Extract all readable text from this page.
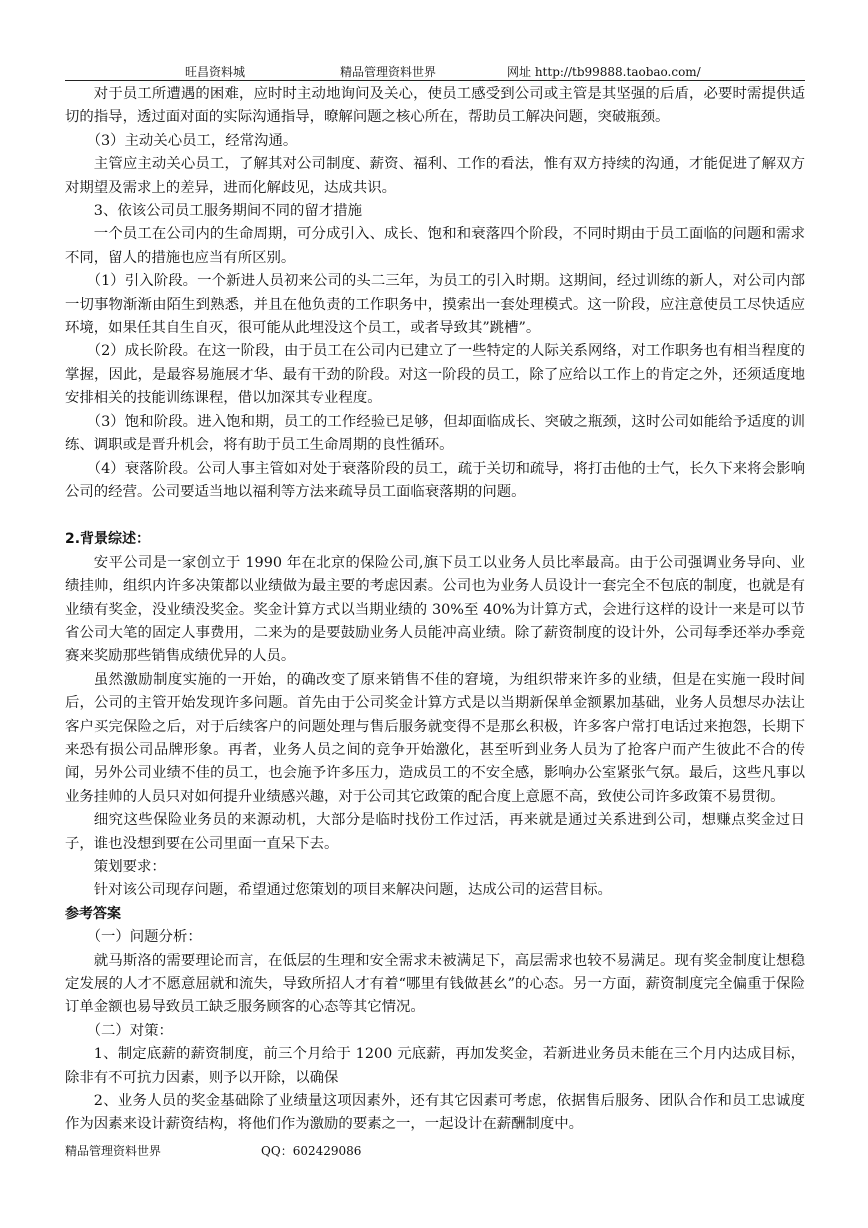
旺昌资料城	精品管理资料世界	网址 http://tb99888.taobao.com/

对于员工所遭遇的困难，应时时主动地询问及关心，使员工感受到公司或主管是其坚强的后盾，必要时需提供适切的指导，透过面对面的实际沟通指导，暸解问题之核心所在，帮助员工解决问题，突破瓶颈。

（3）主动关心员工，经常沟通。

主管应主动关心员工，了解其对公司制度、薪资、福利、工作的看法，惟有双方持续的沟通，才能促进了解双方对期望及需求上的差异，进而化解歧见，达成共识。

3、依该公司员工服务期间不同的留才措施

一个员工在公司内的生命周期，可分成引入、成长、饱和和衰落四个阶段，不同时期由于员工面临的问题和需求不同，留人的措施也应当有所区别。

（1）引入阶段。一个新进人员初来公司的头二三年，为员工的引入时期。这期间，经过训练的新人，对公司内部一切事物渐渐由陌生到熟悉，并且在他负责的工作职务中，摸索出一套处理模式。这一阶段，应注意使员工尽快适应环境，如果任其自生自灭，很可能从此埋没这个员工，或者导致其”跳槽”。

（2）成长阶段。在这一阶段，由于员工在公司内已建立了一些特定的人际关系网络，对工作职务也有相当程度的掌握，因此，是最容易施展才华、最有干劲的阶段。对这一阶段的员工，除了应给以工作上的肯定之外，还须适度地安排相关的技能训练课程，借以加深其专业程度。

（3）饱和阶段。进入饱和期，员工的工作经验已足够，但却面临成长、突破之瓶颈，这时公司如能给予适度的训练、调职或是晋升机会，将有助于员工生命周期的良性循环。

（4）衰落阶段。公司人事主管如对处于衰落阶段的员工，疏于关切和疏导，将打击他的士气，长久下来将会影响公司的经营。公司要适当地以福利等方法来疏导员工面临衰落期的问题。

2.背景综述：

安平公司是一家创立于 1990 年在北京的保险公司,旗下员工以业务人员比率最高。由于公司强调业务导向、业绩挂帅，组织内许多决策都以业绩做为最主要的考虑因素。公司也为业务人员设计一套完全不包底的制度，也就是有业绩有奖金，没业绩没奖金。奖金计算方式以当期业绩的 30%至 40%为计算方式，会进行这样的设计一来是可以节省公司大笔的固定人事费用，二来为的是要鼓励业务人员能冲高业绩。除了薪资制度的设计外，公司每季还举办季竞赛来奖励那些销售成绩优异的人员。

虽然激励制度实施的一开始，的确改变了原来销售不佳的窘境，为组织带来许多的业绩，但是在实施一段时间后，公司的主管开始发现许多问题。首先由于公司奖金计算方式是以当期新保单金额累加基础，业务人员想尽办法让客户买完保险之后，对于后续客户的问题处理与售后服务就变得不是那幺积极，许多客户常打电话过来抱怨，长期下来恐有损公司品牌形象。再者，业务人员之间的竞争开始激化，甚至听到业务人员为了抢客户而产生彼此不合的传闻，另外公司业绩不佳的员工，也会施予许多压力，造成员工的不安全感，影响办公室紧张气氛。最后，这些凡事以业务挂帅的人员只对如何提升业绩感兴趣，对于公司其它政策的配合度上意愿不高，致使公司许多政策不易贯彻。

细究这些保险业务员的来源动机，大部分是临时找份工作过活，再来就是通过关系进到公司，想赚点奖金过日子，谁也没想到要在公司里面一直呆下去。

策划要求：

针对该公司现存问题，希望通过您策划的项目来解决问题，达成公司的运营目标。

参考答案

（一）问题分析：

就马斯洛的需要理论而言，在低层的生理和安全需求未被满足下，高层需求也较不易满足。现有奖金制度让想稳定发展的人才不愿意屈就和流失，导致所招人才有着“哪里有钱做甚幺”的心态。另一方面，薪资制度完全偏重于保险订单金额也易导致员工缺乏服务顾客的心态等其它情况。

（二）对策：

1、制定底薪的薪资制度，前三个月给于 1200 元底薪，再加发奖金，若新进业务员未能在三个月内达成目标，除非有不可抗力因素，则予以开除，以确保

2、业务人员的奖金基础除了业绩量这项因素外，还有其它因素可考虑，依据售后服务、团队合作和员工忠诚度作为因素来设计薪资结构，将他们作为激励的要素之一，一起设计在薪酬制度中。

精品管理资料世界	QQ：602429086
